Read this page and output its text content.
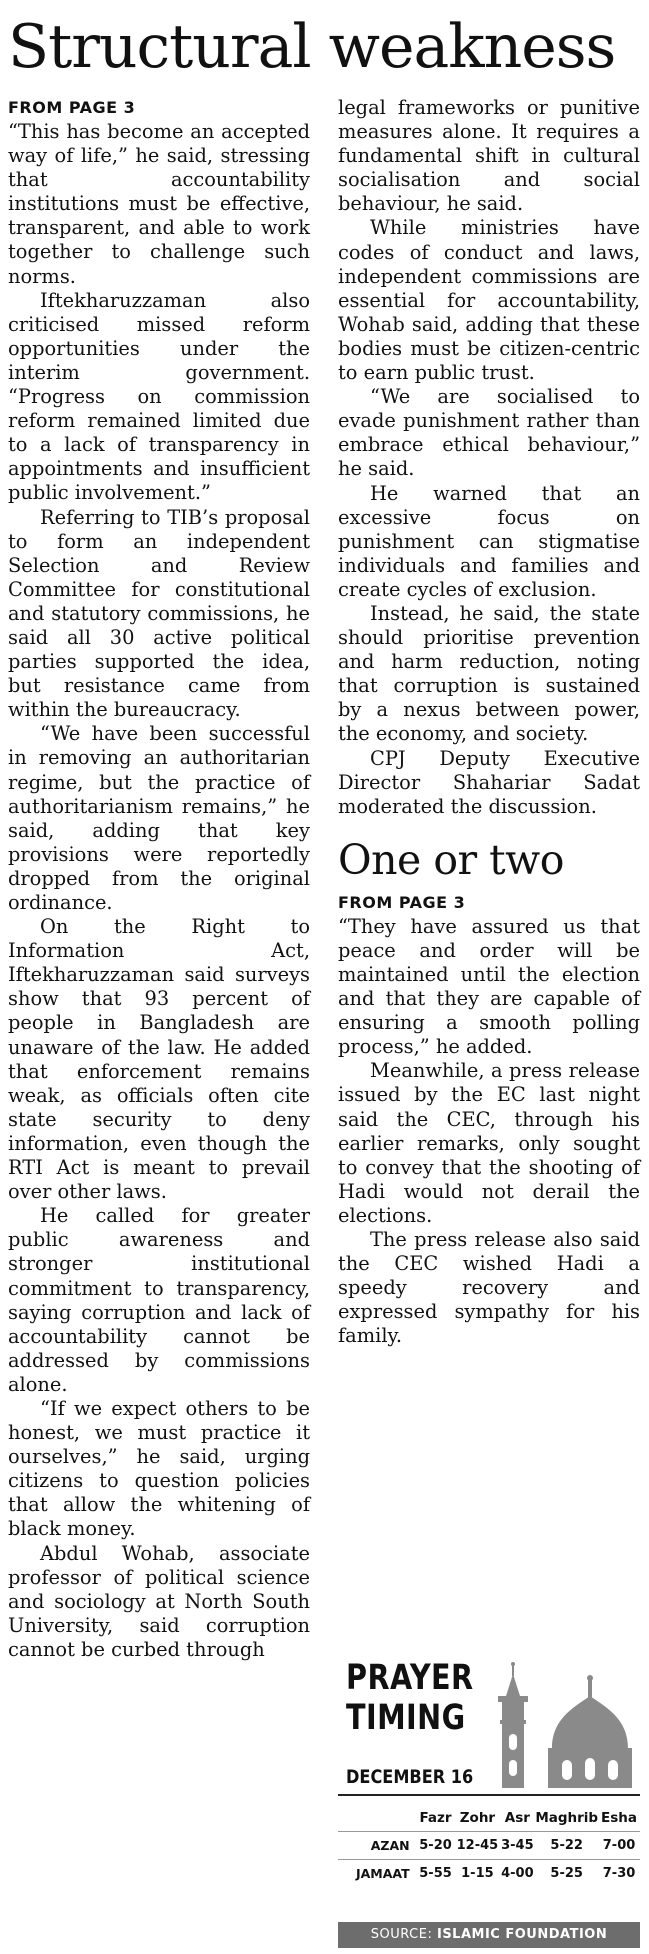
Structural weakness
FROM PAGE 3

“This has become an accepted way of life,” he said, stressing that accountability institutions must be effective, transparent, and able to work together to challenge such norms.

Iftekharuzzaman also criticised missed reform opportunities under the interim government. “Progress on commission reform remained limited due to a lack of transparency in appointments and insufficient public involvement.”

Referring to TIB’s proposal to form an independent Selection and Review Committee for constitutional and statutory commissions, he said all 30 active political parties supported the idea, but resistance came from within the bureaucracy.

“We have been successful in removing an authoritarian regime, but the practice of authoritarianism remains,” he said, adding that key provisions were reportedly dropped from the original ordinance.

On the Right to Information Act, Iftekharuzzaman said surveys show that 93 percent of people in Bangladesh are unaware of the law. He added that enforcement remains weak, as officials often cite state security to deny information, even though the RTI Act is meant to prevail over other laws.

He called for greater public awareness and stronger institutional commitment to transparency, saying corruption and lack of accountability cannot be addressed by commissions alone.

“If we expect others to be honest, we must practice it ourselves,” he said, urging citizens to question policies that allow the whitening of black money.

Abdul Wohab, associate professor of political science and sociology at North South University, said corruption cannot be curbed through

legal frameworks or punitive measures alone. It requires a fundamental shift in cultural socialisation and social behaviour, he said.

While ministries have codes of conduct and laws, independent commissions are essential for accountability, Wohab said, adding that these bodies must be citizen-centric to earn public trust.

“We are socialised to evade punishment rather than embrace ethical behaviour,” he said.

He warned that an excessive focus on punishment can stigmatise individuals and families and create cycles of exclusion.

Instead, he said, the state should prioritise prevention and harm reduction, noting that corruption is sustained by a nexus between power, the economy, and society.

CPJ Deputy Executive Director Shahariar Sadat moderated the discussion.

One or two
FROM PAGE 3

“They have assured us that peace and order will be maintained until the election and that they are capable of ensuring a smooth polling process,” he added.

Meanwhile, a press release issued by the EC last night said the CEC, through his earlier remarks, only sought to convey that the shooting of Hadi would not derail the elections.

The press release also said the CEC wished Hadi a speedy recovery and expressed sympathy for his family.

PRAYER
TIMING
DECEMBER 16
	Fazr	Zohr	Asr	Maghrib	Esha
AZAN	5-20	12-45	3-45	5-22	7-00
JAMAAT	5-55	1-15	4-00	5-25	7-30
SOURCE: ISLAMIC FOUNDATION
